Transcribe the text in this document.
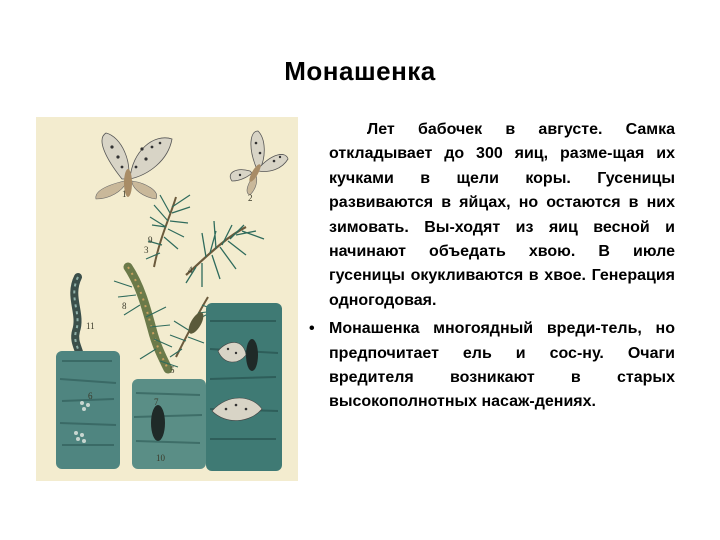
Монашенка
1	2
3
4
5
6
7
8
9
10
11

Лет бабочек в августе. Самка откладывает до 300 яиц, разме-щая их кучками в щели коры. Гусеницы развиваются в яйцах, но остаются в них зимовать. Вы-ходят из яиц весной и начинают объедать хвою. В июле гусеницы окукливаются в хвое. Генерация одногодовая.

• Монашенка многоядный вреди-тель, но предпочитает ель и сос-ну. Очаги вредителя возникают в старых высокополнотных насаж-дениях.
